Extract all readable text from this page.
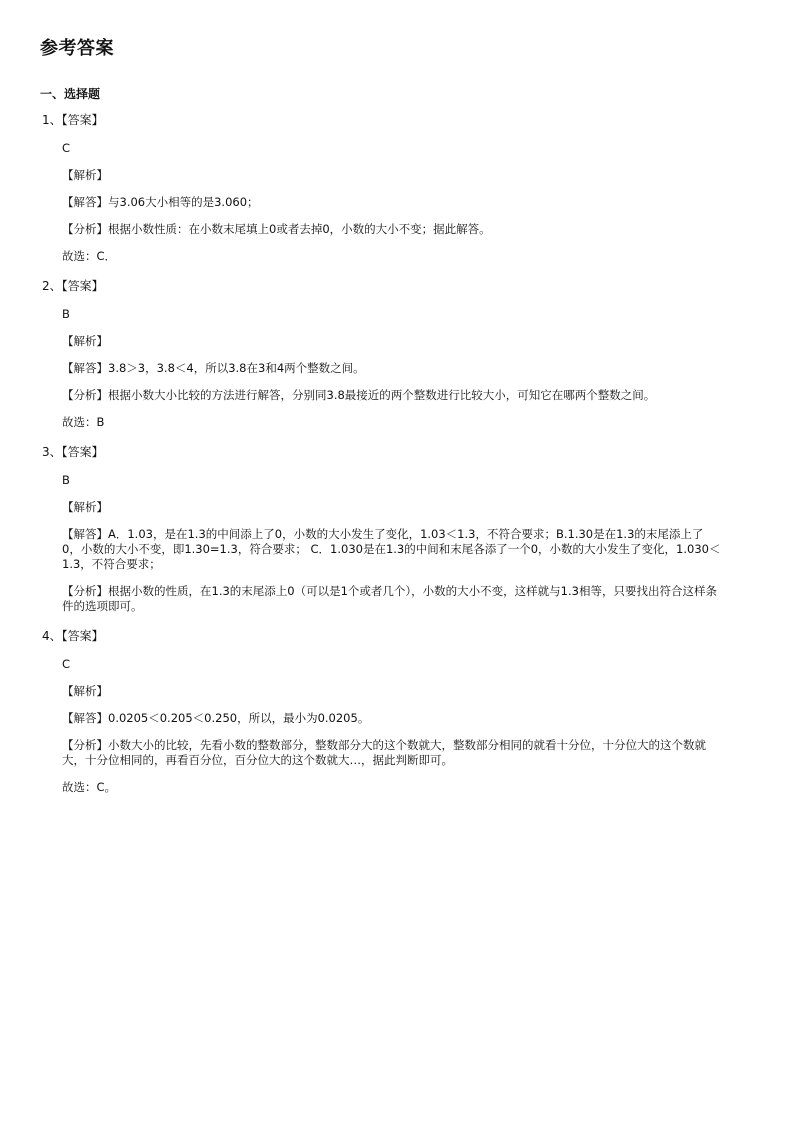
参考答案
一、选择题
1、【答案】
C
【解析】
【解答】与3.06大小相等的是3.060；
【分析】根据小数性质：在小数末尾填上0或者去掉0，小数的大小不变；据此解答。
故选：C．
2、【答案】
B
【解析】
【解答】3.8＞3，3.8＜4，所以3.8在3和4两个整数之间。
【分析】根据小数大小比较的方法进行解答，分别同3.8最接近的两个整数进行比较大小，可知它在哪两个整数之间。
故选：B
3、【答案】
B
【解析】
【解答】A．1.03，是在1.3的中间添上了0，小数的大小发生了变化，1.03＜1.3，不符合要求；B.1.30是在1.3的末尾添上了0，小数的大小不变，即1.30=1.3，符合要求； C．1.030是在1.3的中间和末尾各添了一个0，小数的大小发生了变化，1.030＜1.3，不符合要求；
【分析】根据小数的性质，在1.3的末尾添上0（可以是1个或者几个），小数的大小不变，这样就与1.3相等，只要找出符合这样条件的选项即可。
4、【答案】
C
【解析】
【解答】0.0205＜0.205＜0.250，所以，最小为0.0205。
【分析】小数大小的比较，先看小数的整数部分，整数部分大的这个数就大，整数部分相同的就看十分位，十分位大的这个数就大，十分位相同的，再看百分位，百分位大的这个数就大…，据此判断即可。
故选：C。
